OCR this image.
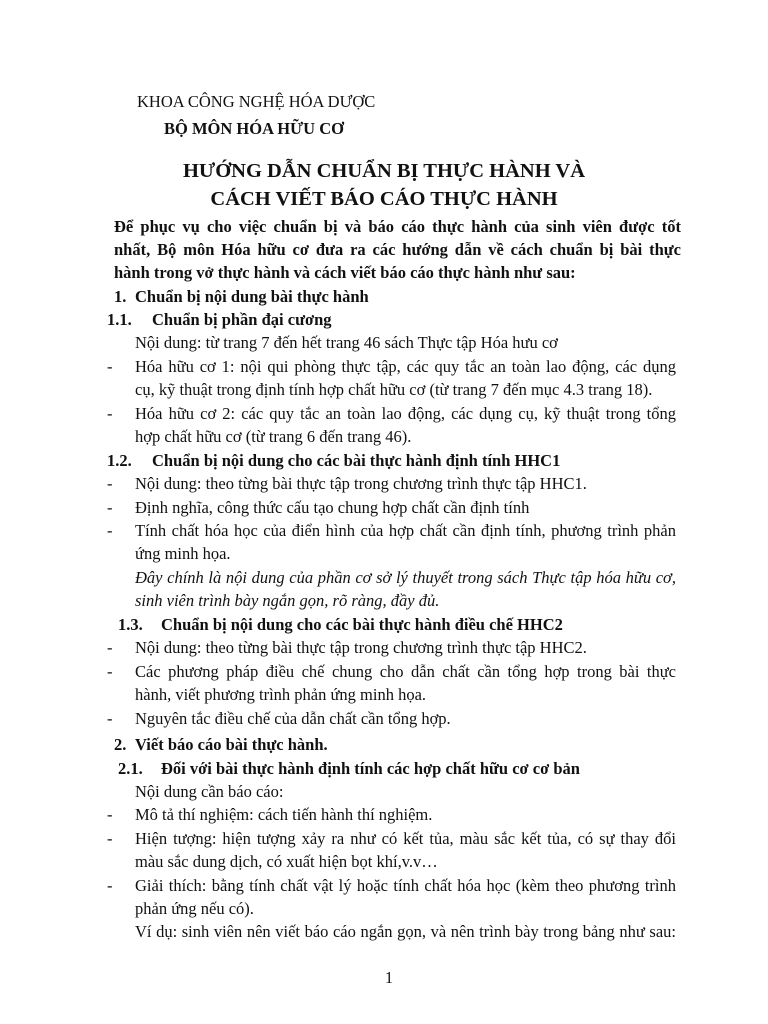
KHOA CÔNG NGHỆ HÓA DƯỢC
BỘ MÔN HÓA HỮU CƠ
HƯỚNG DẪN CHUẨN BỊ THỰC HÀNH VÀ
CÁCH VIẾT BÁO CÁO THỰC HÀNH
Để phục vụ cho việc chuẩn bị và báo cáo thực hành của sinh viên được tốt
nhất, Bộ môn Hóa hữu cơ đưa ra các hướng dẫn về cách chuẩn bị bài thực
hành trong vở thực hành và cách viết báo cáo thực hành như sau:
1. Chuẩn bị nội dung bài thực hành
1.1. Chuẩn bị phần đại cương
Nội dung: từ trang 7 đến hết trang 46 sách Thực tập Hóa hưu cơ
- Hóa hữu cơ 1: nội qui phòng thực tập, các quy tắc an toàn lao động, các dụng
cụ, kỹ thuật trong định tính hợp chất hữu cơ (từ trang 7 đến mục 4.3 trang 18).
- Hóa hữu cơ 2: các quy tắc an toàn lao động, các dụng cụ, kỹ thuật trong tổng
hợp chất hữu cơ (từ trang 6 đến trang 46).
1.2. Chuẩn bị nội dung cho các bài thực hành định tính HHC1
- Nội dung: theo từng bài thực tập trong chương trình thực tập HHC1.
- Định nghĩa, công thức cấu tạo chung hợp chất cần định tính
- Tính chất hóa học của điển hình của hợp chất cần định tính, phương trình phản
ứng minh họa.
Đây chính là nội dung của phần cơ sở lý thuyết trong sách Thực tập hóa hữu cơ,
sinh viên trình bày ngắn gọn, rõ ràng, đầy đủ.
1.3. Chuẩn bị nội dung cho các bài thực hành điều chế HHC2
- Nội dung: theo từng bài thực tập trong chương trình thực tập HHC2.
- Các phương pháp điều chế chung cho dẫn chất cần tổng hợp trong bài thực
hành, viết phương trình phản ứng minh họa.
- Nguyên tắc điều chế của dẫn chất cần tổng hợp.
2. Viết báo cáo bài thực hành.
2.1. Đối với bài thực hành định tính các hợp chất hữu cơ cơ bản
Nội dung cần báo cáo:
- Mô tả thí nghiệm: cách tiến hành thí nghiệm.
- Hiện tượng: hiện tượng xảy ra như có kết tủa, màu sắc kết tủa, có sự thay đổi
màu sắc dung dịch, có xuất hiện bọt khí,v.v…
- Giải thích: bằng tính chất vật lý hoặc tính chất hóa học (kèm theo phương trình
phản ứng nếu có).
Ví dụ: sinh viên nên viết báo cáo ngắn gọn, và nên trình bày trong bảng như sau:
1
